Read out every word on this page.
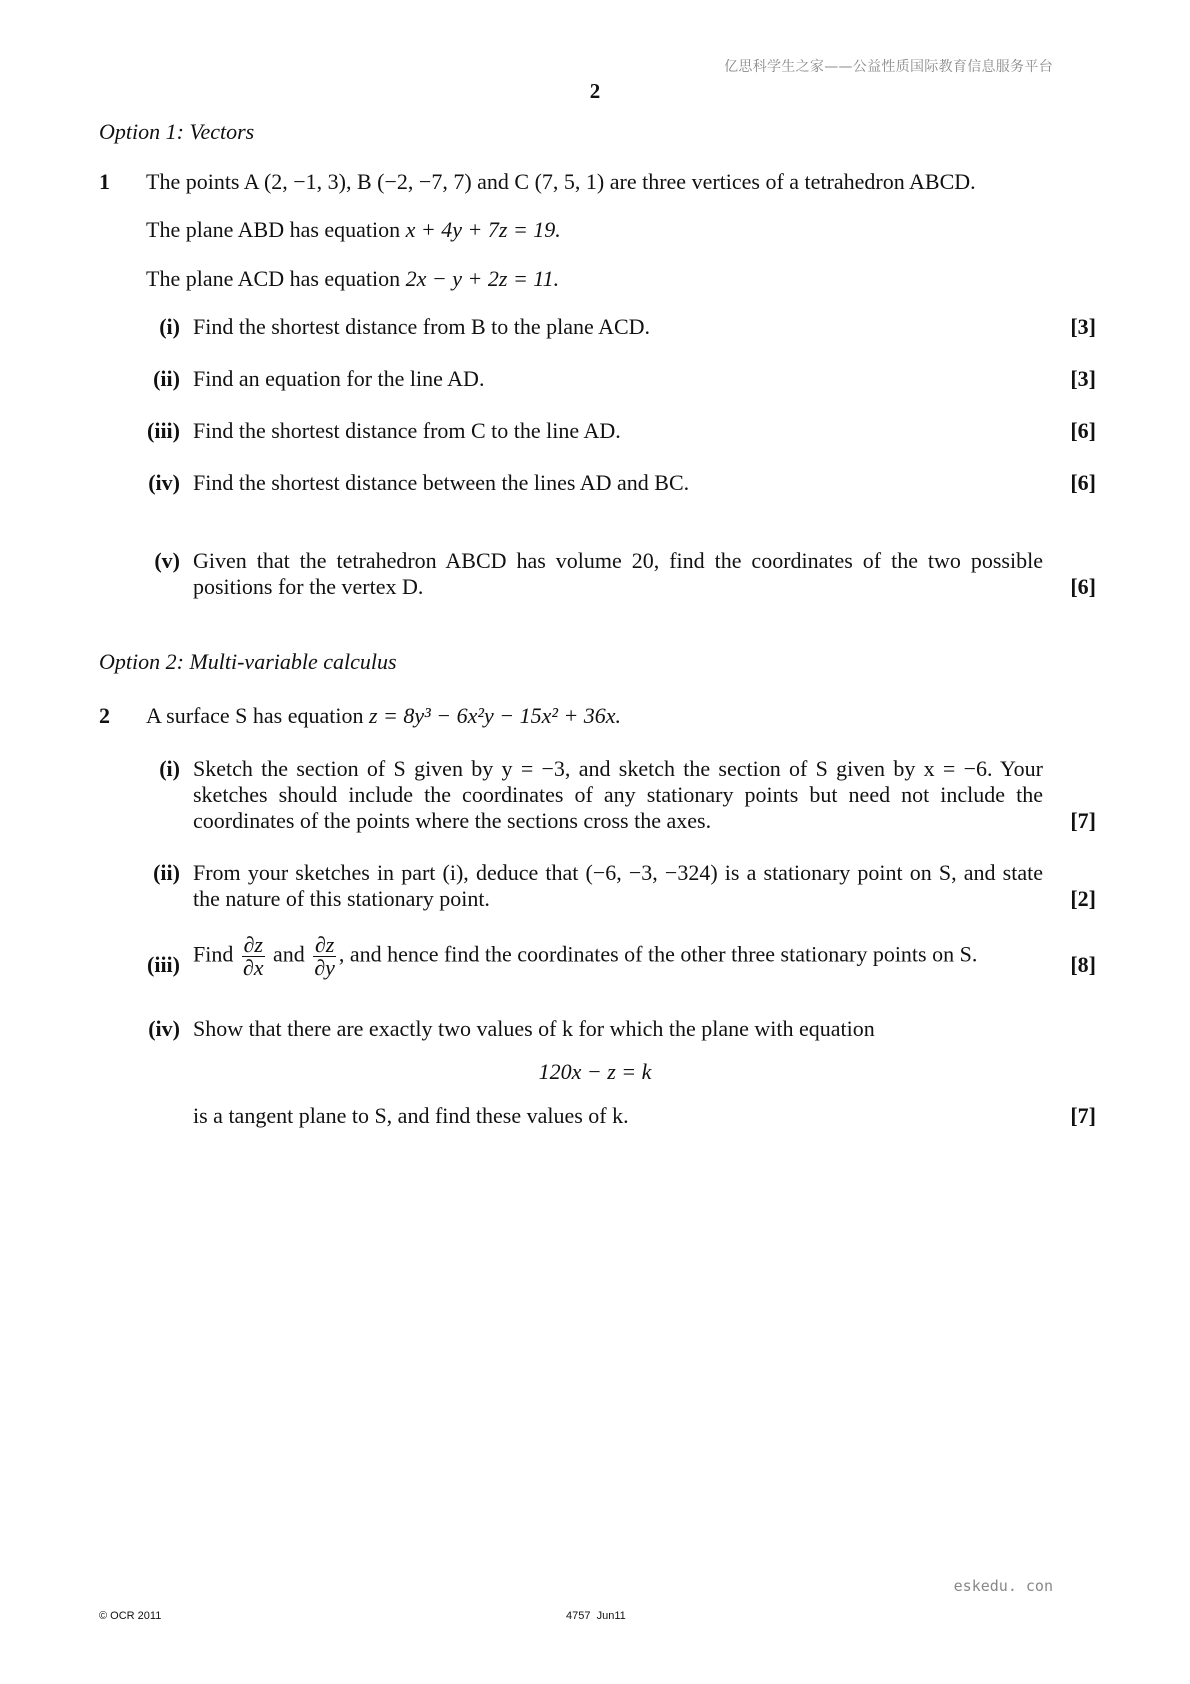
亿思科学生之家——公益性质国际教育信息服务平台
2
Option 1: Vectors
1 The points A (2, −1, 3), B (−2, −7, 7) and C (7, 5, 1) are three vertices of a tetrahedron ABCD.
The plane ABD has equation x + 4y + 7z = 19.
The plane ACD has equation 2x − y + 2z = 11.
(i) Find the shortest distance from B to the plane ACD.	[3]
(ii) Find an equation for the line AD.	[3]
(iii) Find the shortest distance from C to the line AD.	[6]
(iv) Find the shortest distance between the lines AD and BC.	[6]
(v) Given that the tetrahedron ABCD has volume 20, find the coordinates of the two possible positions for the vertex D.	[6]
Option 2: Multi-variable calculus
2 A surface S has equation z = 8y³ − 6x²y − 15x² + 36x.
(i) Sketch the section of S given by y = −3, and sketch the section of S given by x = −6. Your sketches should include the coordinates of any stationary points but need not include the coordinates of the points where the sections cross the axes.	[7]
(ii) From your sketches in part (i), deduce that (−6, −3, −324) is a stationary point on S, and state the nature of this stationary point.	[2]
(iii) Find $\frac{\partial z}{\partial x}$ and $\frac{\partial z}{\partial y}$ , and hence find the coordinates of the other three stationary points on S.	[8]
(iv) Show that there are exactly two values of k for which the plane with equation
120x − z = k
is a tangent plane to S, and find these values of k.	[7]
eskedu. con
© OCR 2011	4757  Jun11
